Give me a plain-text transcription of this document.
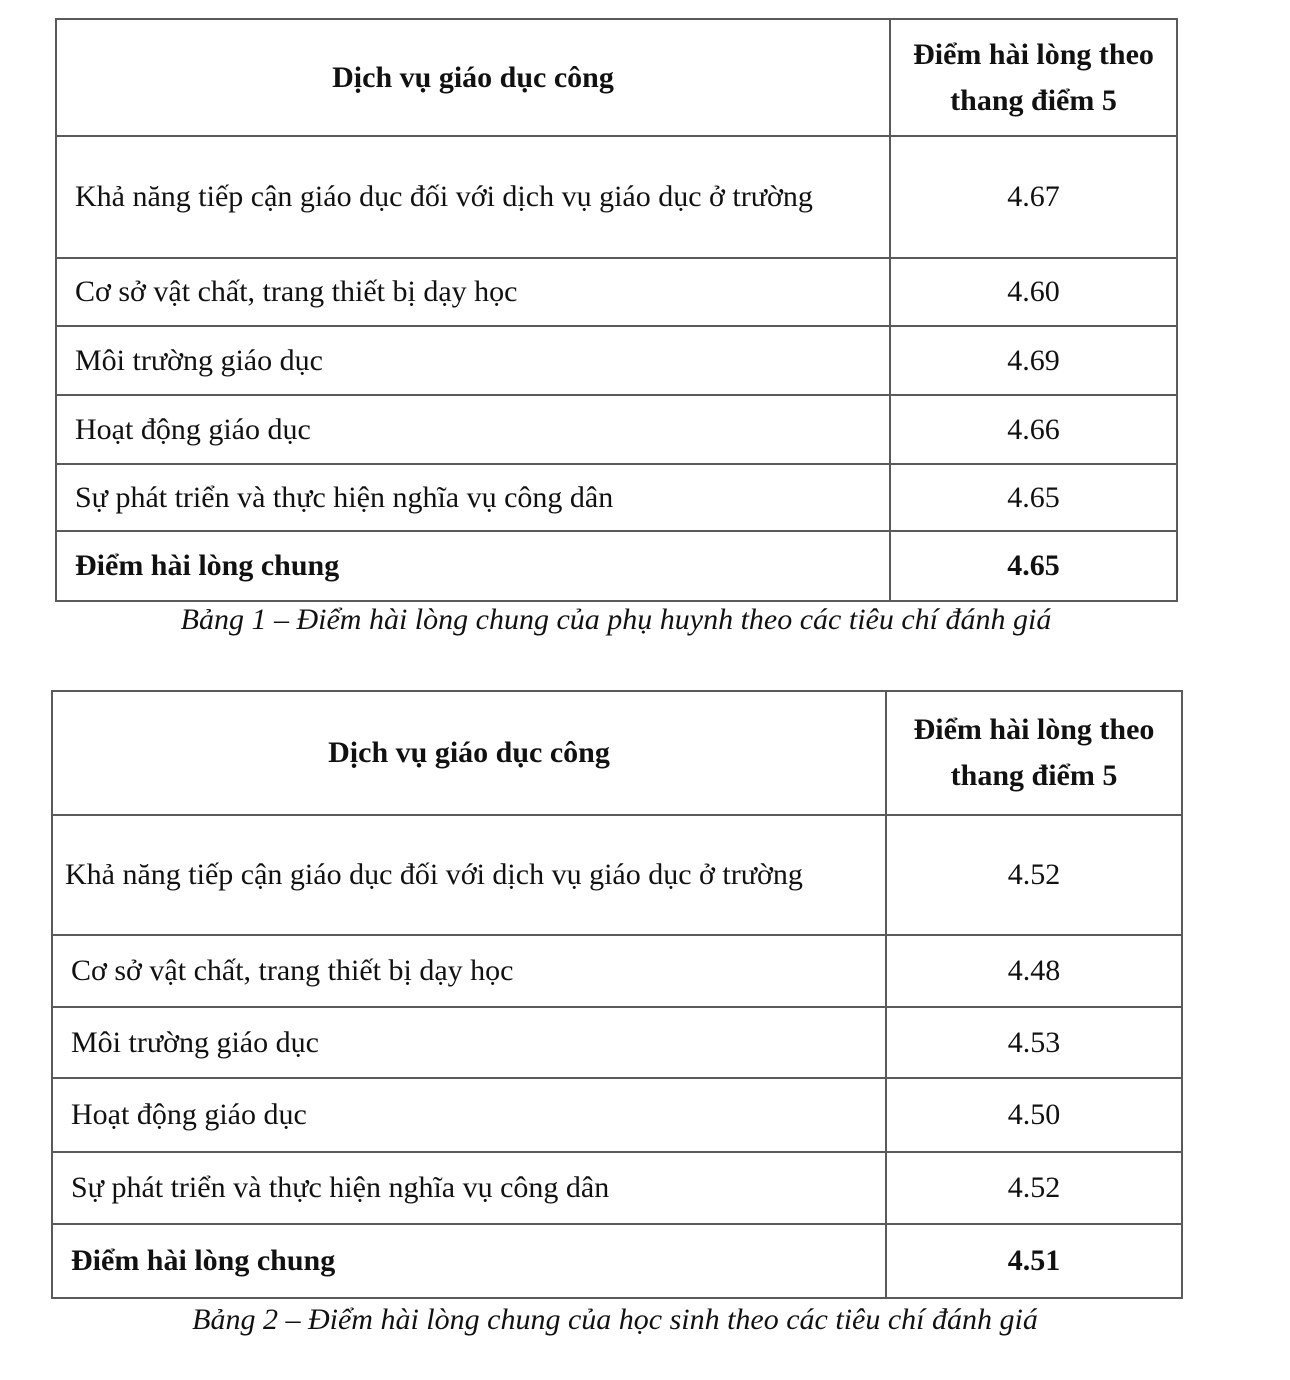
Dịch vụ giáo dục công	Điểm hài lòng theo
thang điểm 5
Khả năng tiếp cận giáo dục đối với dịch vụ giáo dục ở trường	4.67
Cơ sở vật chất, trang thiết bị dạy học	4.60
Môi trường giáo dục	4.69
Hoạt động giáo dục	4.66
Sự phát triển và thực hiện nghĩa vụ công dân	4.65
Điểm hài lòng chung	4.65
Bảng 1 – Điểm hài lòng chung của phụ huynh theo các tiêu chí đánh giá
Dịch vụ giáo dục công	Điểm hài lòng theo
thang điểm 5
Khả năng tiếp cận giáo dục đối với dịch vụ giáo dục ở trường	4.52
Cơ sở vật chất, trang thiết bị dạy học	4.48
Môi trường giáo dục	4.53
Hoạt động giáo dục	4.50
Sự phát triển và thực hiện nghĩa vụ công dân	4.52
Điểm hài lòng chung	4.51
Bảng 2 – Điểm hài lòng chung của học sinh theo các tiêu chí đánh giá
